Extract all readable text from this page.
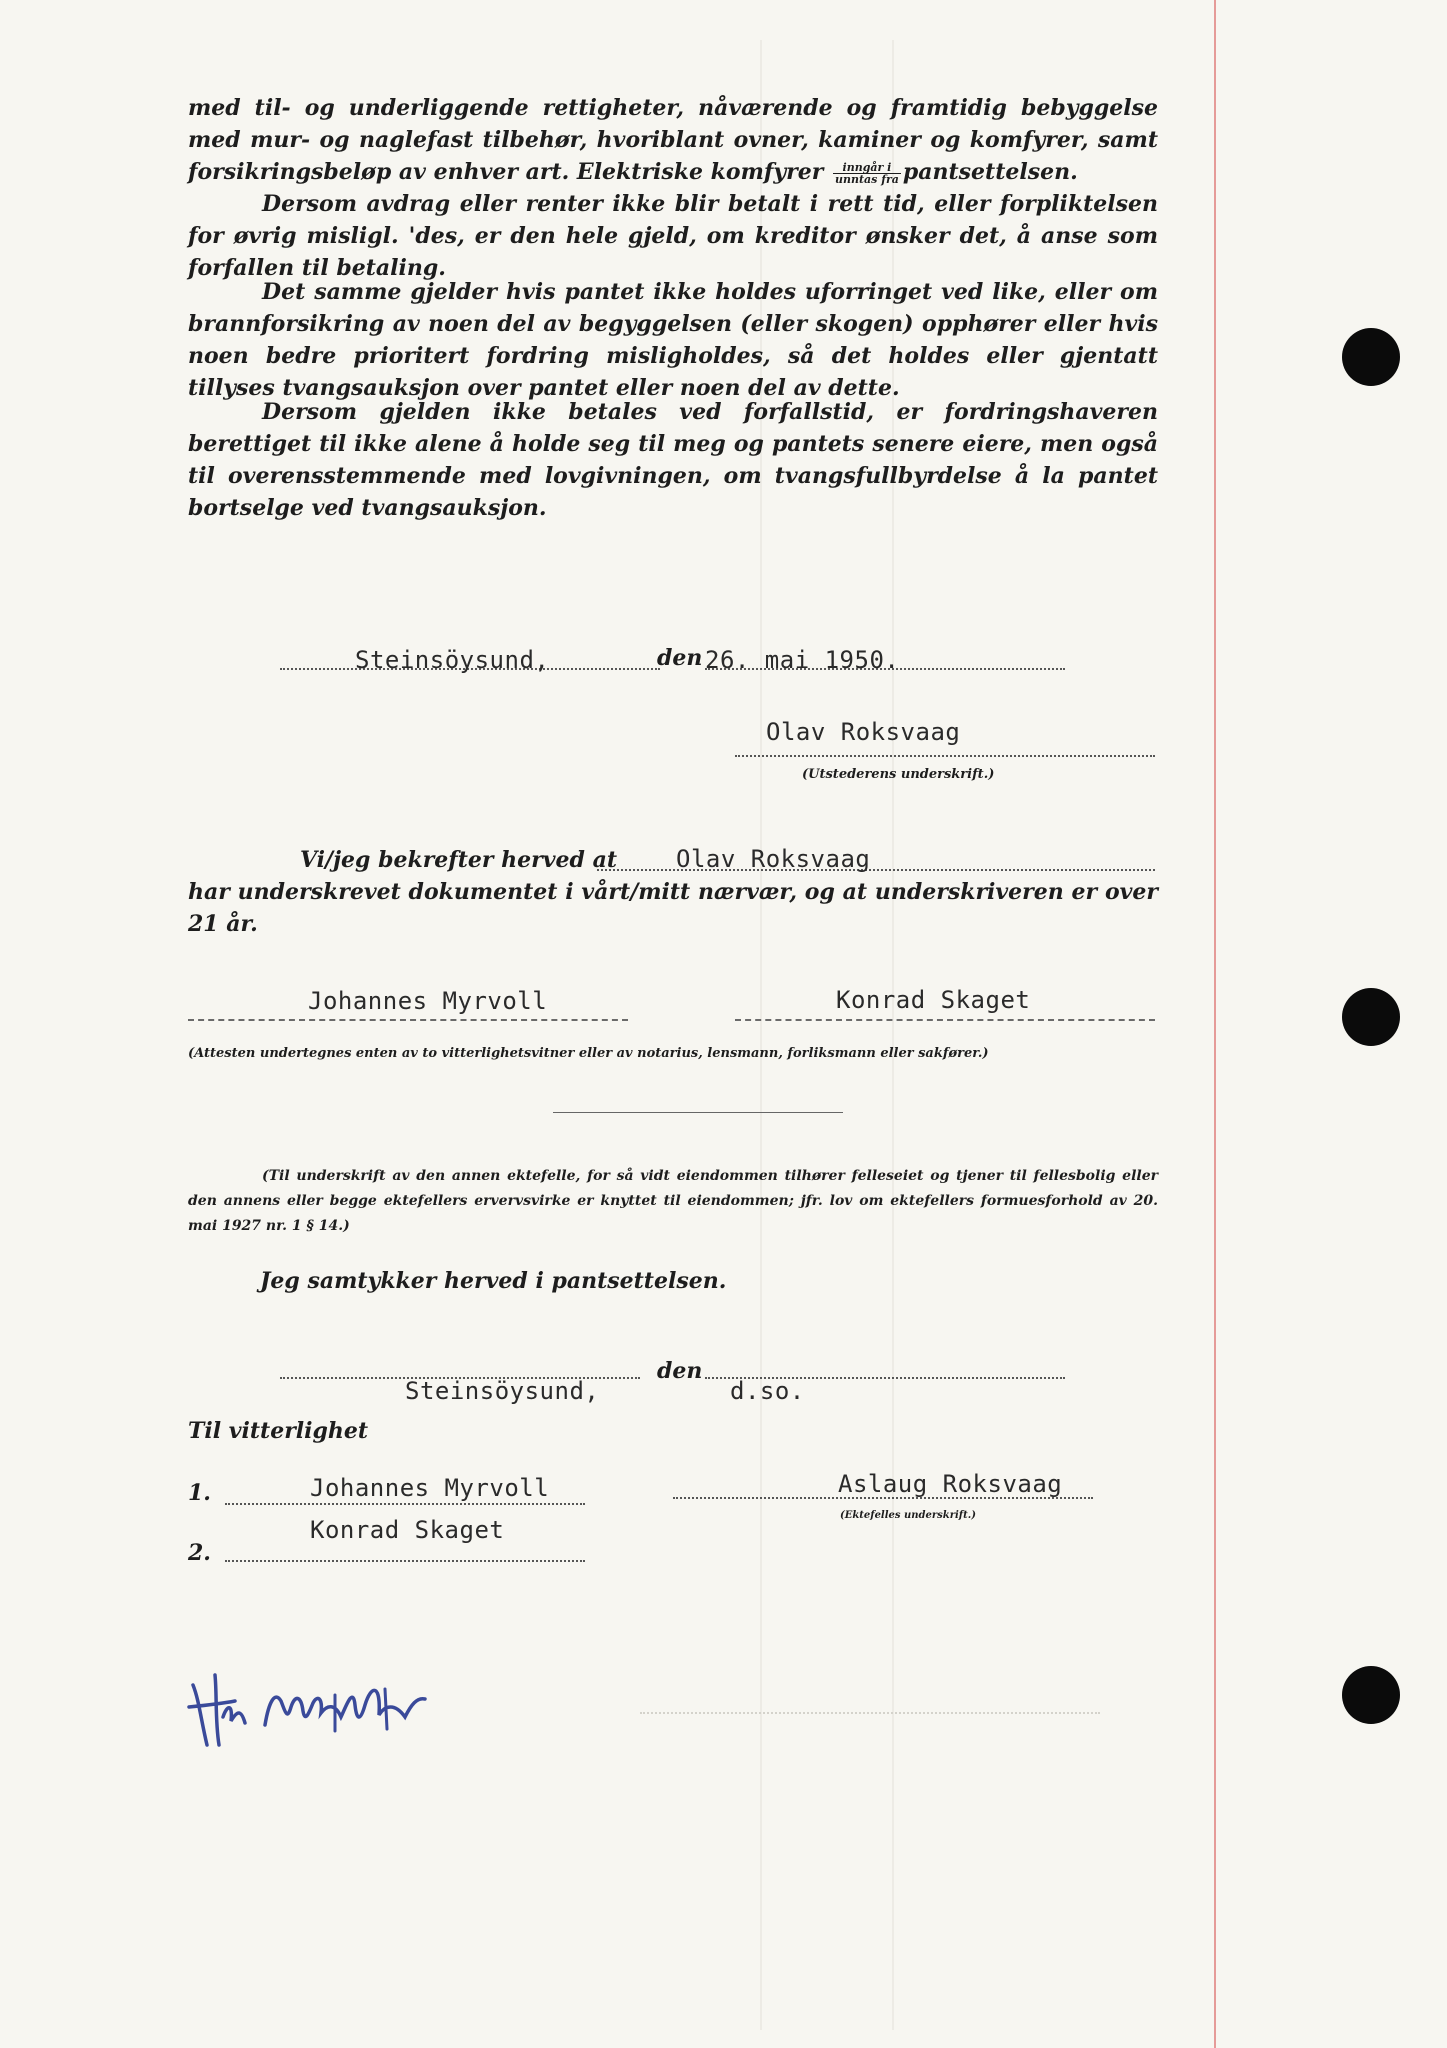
med til- og underliggende rettigheter, nåværende og framtidig bebyggelse med mur- og naglefast tilbehør, hvoriblant ovner, kaminer og komfyrer, samt forsikringsbeløp av enhver art. Elektriske komfyrer $\frac{\text{inngår i}}{\text{unntas fra}}$ pantsettelsen.

Dersom avdrag eller renter ikke blir betalt i rett tid, eller forpliktelsen for øvrig misligl. 'des, er den hele gjeld, om kreditor ønsker det, å anse som forfallen til betaling.

Det samme gjelder hvis pantet ikke holdes uforringet ved like, eller om brannforsikring av noen del av begyggelsen (eller skogen) opphører eller hvis noen bedre prioritert fordring misligholdes, så det holdes eller gjentatt tillyses tvangsauksjon over pantet eller noen del av dette.

Dersom gjelden ikke betales ved forfallstid, er fordringshaveren berettiget til ikke alene å holde seg til meg og pantets senere eiere, men også til overensstemmende med lovgivningen, om tvangsfullbyrdelse å la pantet bortselge ved tvangsauksjon.

Steinsöysund,	den 26. mai 1950.
Olav Roksvaag
(Utstederens underskrift.)
Vi/jeg bekrefter herved at Olav Roksvaag

har underskrevet dokumentet i vårt/mitt nærvær, og at underskriveren er over 21 år.

Johannes Myrvoll	Konrad Skaget
(Attesten undertegnes enten av to vitterlighetsvitner eller av notarius, lensmann, forliksmann eller sakfører.)

(Til underskrift av den annen ektefelle, for så vidt eiendommen tilhører felleseiet og tjener til fellesbolig eller den annens eller begge ektefellers ervervsvirke er knyttet til eiendommen; jfr. lov om ektefellers formuesforhold av 20. mai 1927 nr. 1 § 14.)

Jeg samtykker herved i pantsettelsen.
Steinsöysund,
den
d.so.
Til vitterlighet
1.	Johannes Myrvoll	Aslaug Roksvaag
(Ektefelles underskrift.)
Konrad Skaget
2.
